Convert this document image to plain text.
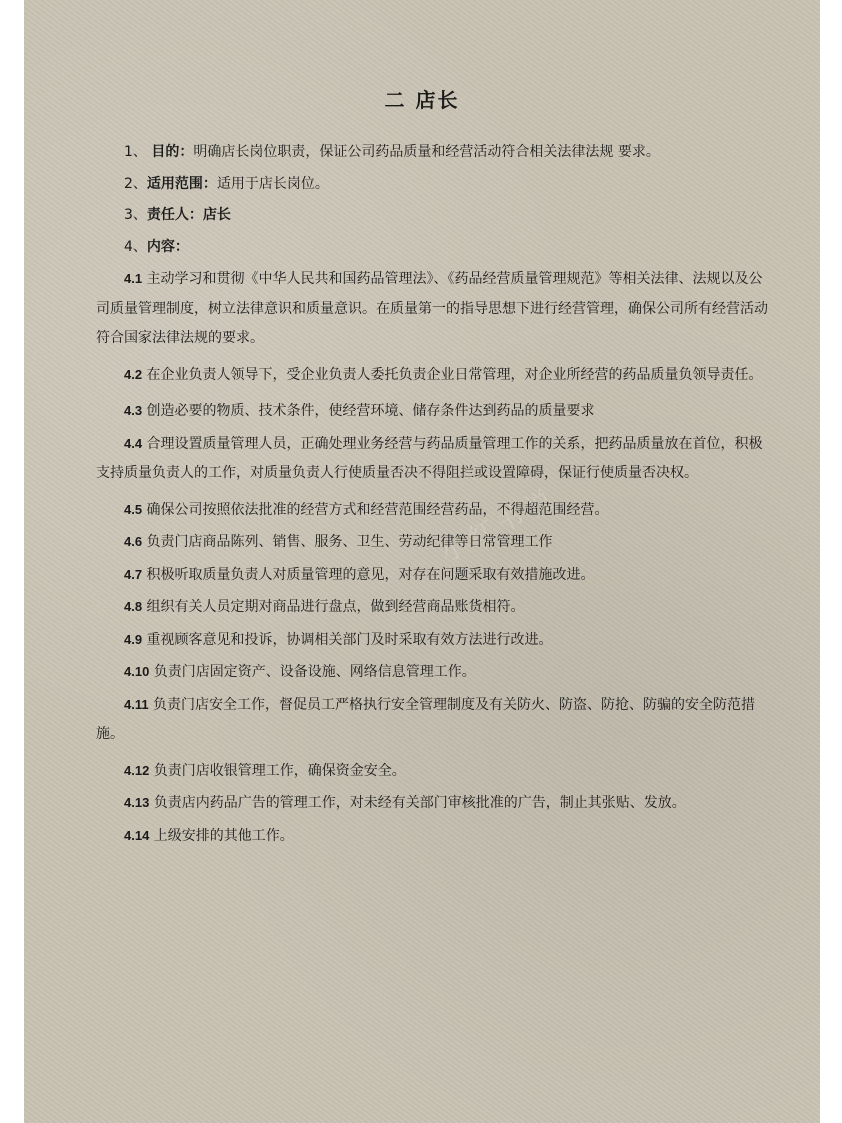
小红书说
二 店长

1、 目的：明确店长岗位职责，保证公司药品质量和经营活动符合相关法律法规 要求。

2、适用范围：适用于店长岗位。

3、责任人：店长

4、内容：

4.1 主动学习和贯彻《中华人民共和国药品管理法》、《药品经营质量管理规范》等相关法律、法规以及公司质量管理制度，树立法律意识和质量意识。在质量第一的指导思想下进行经营管理，确保公司所有经营活动符合国家法律法规的要求。

4.2 在企业负责人领导下，受企业负责人委托负责企业日常管理，对企业所经营的药品质量负领导责任。

4.3 创造必要的物质、技术条件，使经营环境、储存条件达到药品的质量要求

4.4 合理设置质量管理人员，正确处理业务经营与药品质量管理工作的关系，把药品质量放在首位，积极支持质量负责人的工作，对质量负责人行使质量否决不得阻拦或设置障碍，保证行使质量否决权。

4.5 确保公司按照依法批准的经营方式和经营范围经营药品，不得超范围经营。

4.6 负责门店商品陈列、销售、服务、卫生、劳动纪律等日常管理工作

4.7 积极听取质量负责人对质量管理的意见，对存在问题采取有效措施改进。

4.8 组织有关人员定期对商品进行盘点，做到经营商品账货相符。

4.9 重视顾客意见和投诉，协调相关部门及时采取有效方法进行改进。

4.10 负责门店固定资产、设备设施、网络信息管理工作。

4.11 负责门店安全工作，督促员工严格执行安全管理制度及有关防火、防盗、防抢、防骗的安全防范措施。

4.12 负责门店收银管理工作，确保资金安全。

4.13 负责店内药品广告的管理工作，对未经有关部门审核批准的广告，制止其张贴、发放。

4.14 上级安排的其他工作。
